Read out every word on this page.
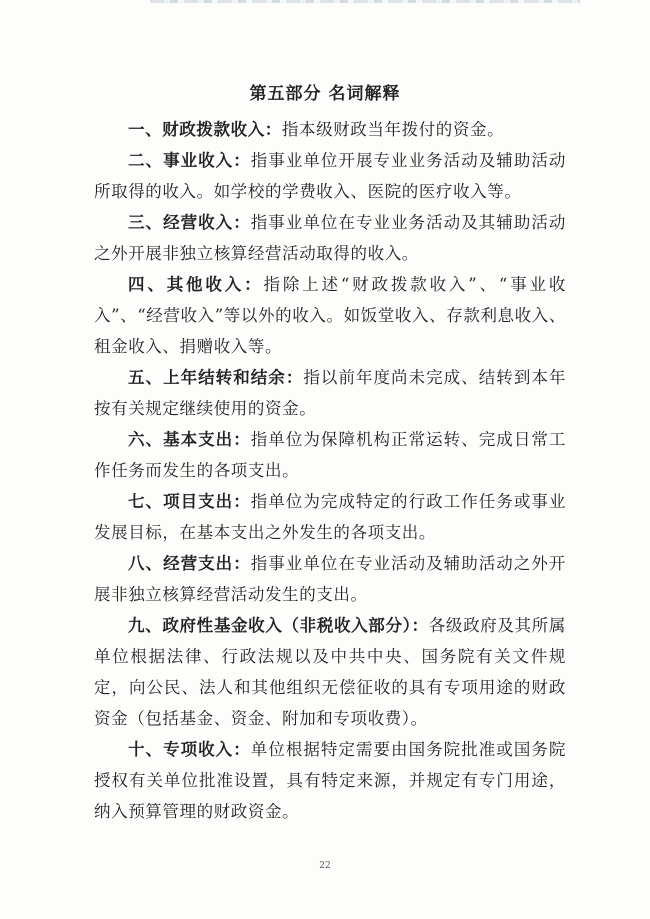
第五部分 名词解释

一、财政拨款收入：指本级财政当年拨付的资金。

二、事业收入：指事业单位开展专业业务活动及辅助活动所取得的收入。如学校的学费收入、医院的医疗收入等。

三、经营收入：指事业单位在专业业务活动及其辅助活动之外开展非独立核算经营活动取得的收入。

四、其他收入：指除上述“财政拨款收入”、“事业收入”、“经营收入”等以外的收入。如饭堂收入、存款利息收入、租金收入、捐赠收入等。

五、上年结转和结余：指以前年度尚未完成、结转到本年按有关规定继续使用的资金。

六、基本支出：指单位为保障机构正常运转、完成日常工作任务而发生的各项支出。

七、项目支出：指单位为完成特定的行政工作任务或事业发展目标，在基本支出之外发生的各项支出。

八、经营支出：指事业单位在专业活动及辅助活动之外开展非独立核算经营活动发生的支出。

九、政府性基金收入（非税收入部分）：各级政府及其所属单位根据法律、行政法规以及中共中央、国务院有关文件规定，向公民、法人和其他组织无偿征收的具有专项用途的财政资金（包括基金、资金、附加和专项收费）。

十、专项收入：单位根据特定需要由国务院批准或国务院授权有关单位批准设置，具有特定来源，并规定有专门用途，纳入预算管理的财政资金。

22
